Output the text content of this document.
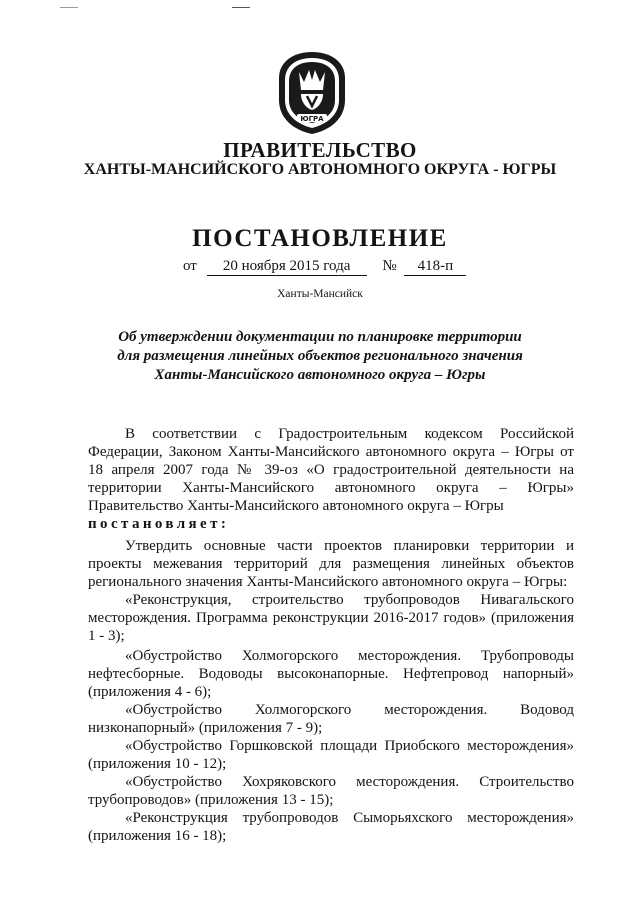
ЮГРА
ПРАВИТЕЛЬСТВО
ХАНТЫ-МАНСИЙСКОГО АВТОНОМНОГО ОКРУГА - ЮГРЫ
ПОСТАНОВЛЕНИЕ
от 20 ноября 2015 года № 418-п
Ханты-Мансийск
Об утверждении документации по планировке территории
для размещения линейных объектов регионального значения
Ханты-Мансийского автономного округа – Югры

В соответствии с Градостроительным кодексом Российской Федерации, Законом Ханты-Мансийского автономного округа – Югры от 18 апреля 2007 года № 39-оз «О градостроительной деятельности на территории Ханты-Мансийского автономного округа – Югры» Правительство Ханты-Мансийского автономного округа – Югры

постановляет:

Утвердить основные части проектов планировки территории и проекты межевания территорий для размещения линейных объектов регионального значения Ханты-Мансийского автономного округа – Югры:

«Реконструкция, строительство трубопроводов Нивагальского месторождения. Программа реконструкции 2016-2017 годов» (приложения 1 - 3);

«Обустройство Холмогорского месторождения. Трубопроводы нефтесборные. Водоводы высоконапорные. Нефтепровод напорный» (приложения 4 - 6);

«Обустройство Холмогорского месторождения. Водовод низконапорный» (приложения 7 - 9);

«Обустройство Горшковской площади Приобского месторождения» (приложения 10 - 12);

«Обустройство Хохряковского месторождения. Строительство трубопроводов» (приложения 13 - 15);

«Реконструкция трубопроводов Сыморьяхского месторождения» (приложения 16 - 18);
